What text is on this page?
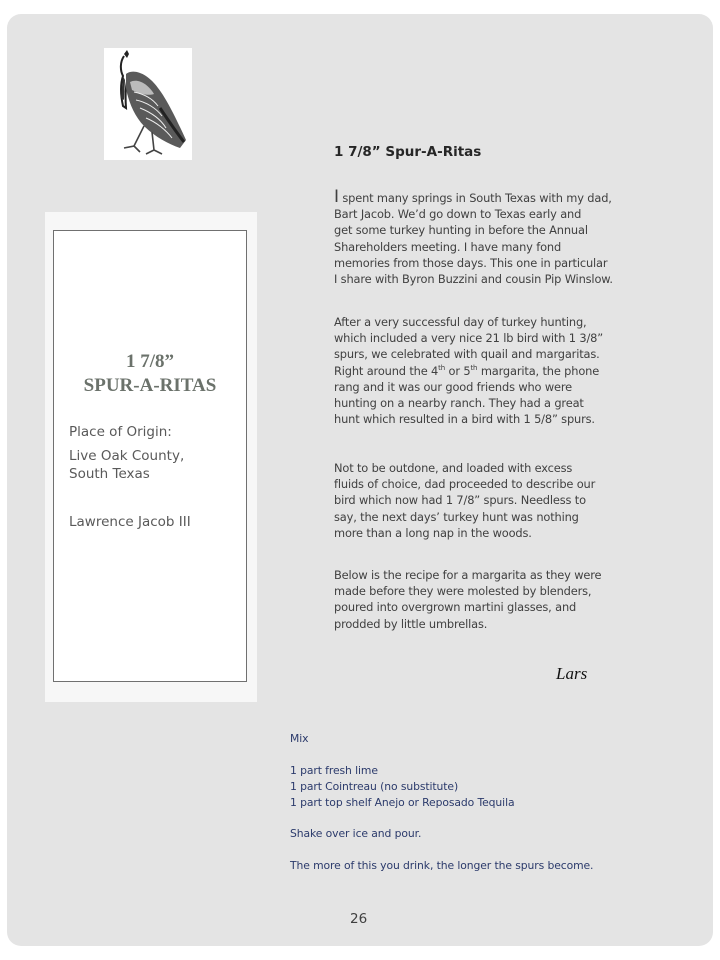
1 7/8”
SPUR-A-RITAS
Place of Origin:
Live Oak County,
South Texas
Lawrence Jacob III
1 7/8” Spur-A-Ritas
I spent many springs in South Texas with my dad,
Bart Jacob. We’d go down to Texas early and
get some turkey hunting in before the Annual
Shareholders meeting. I have many fond
memories from those days. This one in particular
I share with Byron Buzzini and cousin Pip Winslow.
After a very successful day of turkey hunting,
which included a very nice 21 lb bird with 1 3/8”
spurs, we celebrated with quail and margaritas.
Right around the 4th or 5th margarita, the phone
rang and it was our good friends who were
hunting on a nearby ranch. They had a great
hunt which resulted in a bird with 1 5/8” spurs.
Not to be outdone, and loaded with excess
fluids of choice, dad proceeded to describe our
bird which now had 1 7/8” spurs. Needless to
say, the next days’ turkey hunt was nothing
more than a long nap in the woods.
Below is the recipe for a margarita as they were
made before they were molested by blenders,
poured into overgrown martini glasses, and
prodded by little umbrellas.
Lars
Mix
1 part fresh lime
1 part Cointreau (no substitute)
1 part top shelf Anejo or Reposado Tequila
Shake over ice and pour.
The more of this you drink, the longer the spurs become.
26
